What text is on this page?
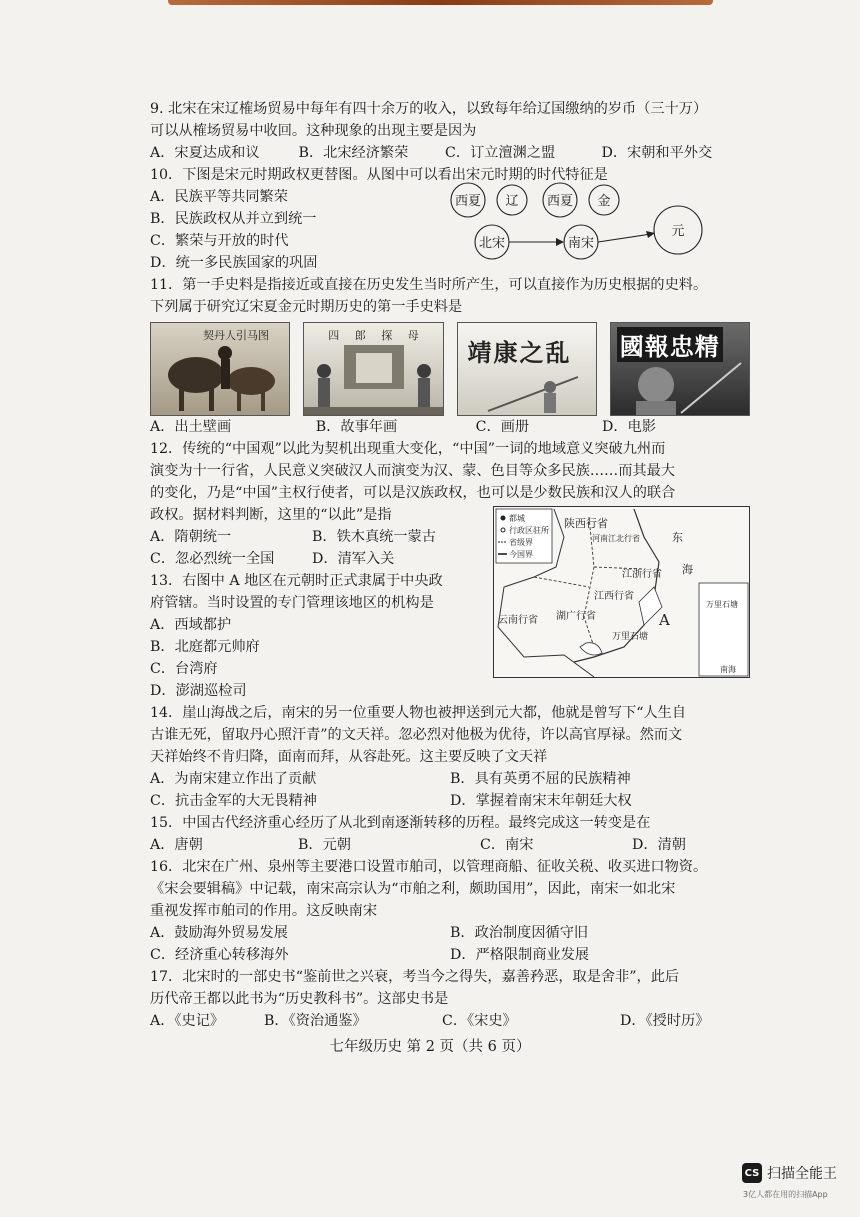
9. 北宋在宋辽榷场贸易中每年有四十余万的收入，以致每年给辽国缴纳的岁币（三十万）
可以从榷场贸易中收回。这种现象的出现主要是因为
A．宋夏达成和议	B．北宋经济繁荣	C．订立澶渊之盟	D．宋朝和平外交
10．下图是宋元时期政权更替图。从图中可以看出宋元时期的时代特征是
A．民族平等共同繁荣
B．民族政权从并立到统一
C．繁荣与开放的时代
D．统一多民族国家的巩固
西夏 辽 西夏 金
北宋	南宋
元
11．第一手史料是指接近或直接在历史发生当时所产生，可以直接作为历史根据的史料。
下列属于研究辽宋夏金元时期历史的第一手史料是
契丹人引马图	四 郎 探 母
靖康之乱 國報忠精
A．出土壁画	B．故事年画	C．画册	D．电影
12．传统的“中国观”以此为契机出现重大变化，“中国”一词的地域意义突破九州而
演变为十一行省，人民意义突破汉人而演变为汉、蒙、色目等众多民族……而其最大
的变化，乃是“中国”主权行使者，可以是汉族政权，也可以是少数民族和汉人的联合
政权。据材料判断，这里的“以此”是指
A．隋朝统一	B．铁木真统一蒙古
C．忽必烈统一全国	D．清军入关
13．右图中 A 地区在元朝时正式隶属于中央政
府管辖。当时设置的专门管理该地区的机构是
A．西域都护
B．北庭都元帅府
C．台湾府
D．澎湖巡检司
14．崖山海战之后，南宋的另一位重要人物也被押送到元大都，他就是曾写下“人生自
古谁无死，留取丹心照汗青”的文天祥。忽必烈对他极为优待，许以高官厚禄。然而文
天祥始终不肯归降，面南而拜，从容赴死。这主要反映了文天祥
A．为南宋建立作出了贡献	B．具有英勇不屈的民族精神
C．抗击金军的大无畏精神	D．掌握着南宋末年朝廷大权
15．中国古代经济重心经历了从北到南逐渐转移的历程。最终完成这一转变是在
A．唐朝	B．元朝	C．南宋	D．清朝
16．北宋在广州、泉州等主要港口设置市舶司，以管理商船、征收关税、收买进口物资。
《宋会要辑稿》中记载，南宋高宗认为“市舶之利，颇助国用”，因此，南宋一如北宋
重视发挥市舶司的作用。这反映南宋
A．鼓励海外贸易发展	B．政治制度因循守旧
C．经济重心转移海外	D．严格限制商业发展
17．北宋时的一部史书“鉴前世之兴衰，考当今之得失，嘉善矜恶，取是舍非”，此后
历代帝王都以此书为“历史教科书”。这部史书是
A．《史记》	B．《资治通鉴》	C．《宋史》	D．《授时历》
都城
行政区驻所
省级界
今国界
陕西行省
河南江北行省
江浙行省
江西行省
湖广行省
云南行省
东
海
A
万里石塘
万里石塘
南海
七年级历史 第 2 页（共 6 页）
CS 扫描全能王
3亿人都在用的扫描App
